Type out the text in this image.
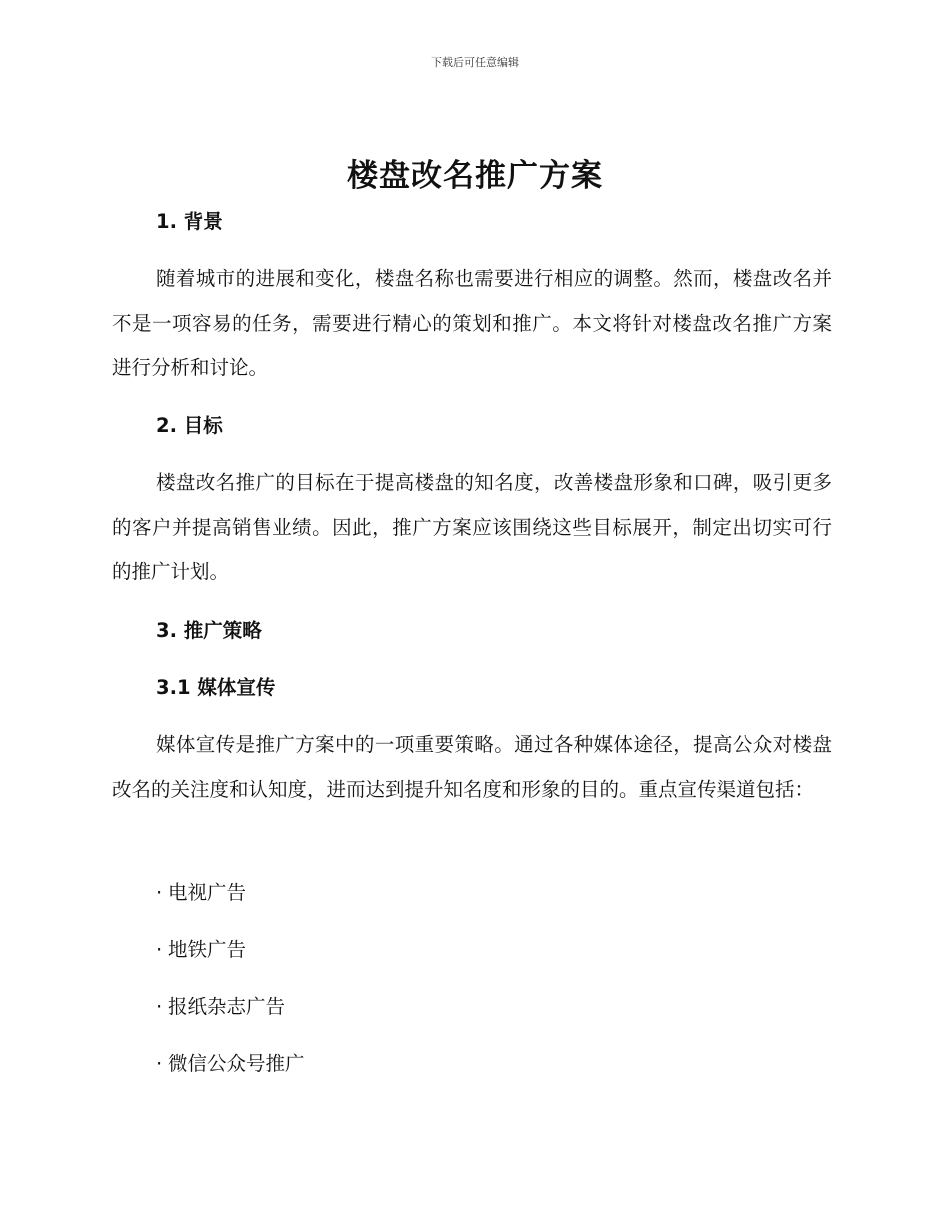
下载后可任意编辑
楼盘改名推广方案
1. 背景

随着城市的进展和变化，楼盘名称也需要进行相应的调整。然而，楼盘改名并不是一项容易的任务，需要进行精心的策划和推广。本文将针对楼盘改名推广方案进行分析和讨论。

2. 目标

楼盘改名推广的目标在于提高楼盘的知名度，改善楼盘形象和口碑，吸引更多的客户并提高销售业绩。因此，推广方案应该围绕这些目标展开，制定出切实可行的推广计划。

3. 推广策略
3.1 媒体宣传

媒体宣传是推广方案中的一项重要策略。通过各种媒体途径，提高公众对楼盘改名的关注度和认知度，进而达到提升知名度和形象的目的。重点宣传渠道包括：

· 电视广告
· 地铁广告
· 报纸杂志广告
· 微信公众号推广
